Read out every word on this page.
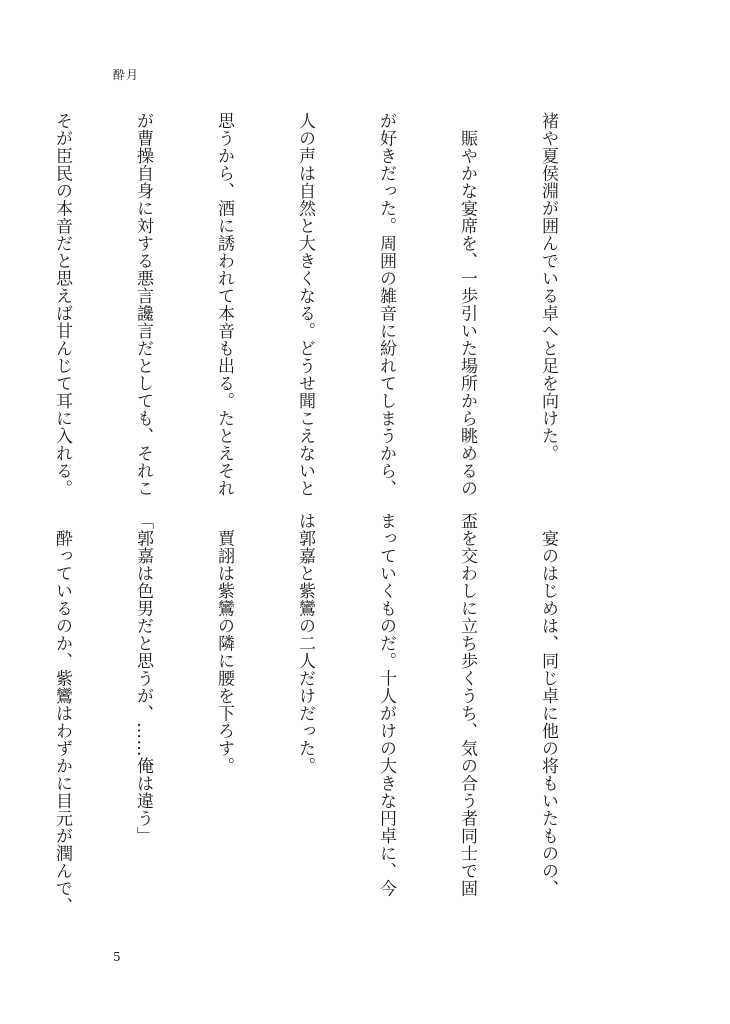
酔月

褚や夏侯淵が囲んでいる卓へと足を向けた。

　賑やかな宴席を、一歩引いた場所から眺めるの

が好きだった。周囲の雑音に紛れてしまうから、

人の声は自然と大きくなる。どうせ聞こえないと

思うから、酒に誘われて本音も出る。たとえそれ

が曹操自身に対する悪言讒言だとしても、それこ

そが臣民の本音だと思えば甘んじて耳に入れる。

　宴のはじめは、同じ卓に他の将もいたものの、

盃を交わしに立ち歩くうち、気の合う者同士で固

まっていくものだ。十人がけの大きな円卓に、今

は郭嘉と紫鸞の二人だけだった。

　賈詡は紫鸞の隣に腰を下ろす。

「郭嘉は色男だと思うが、……俺は違う」

　酔っているのか、紫鸞はわずかに目元が潤んで、

5
